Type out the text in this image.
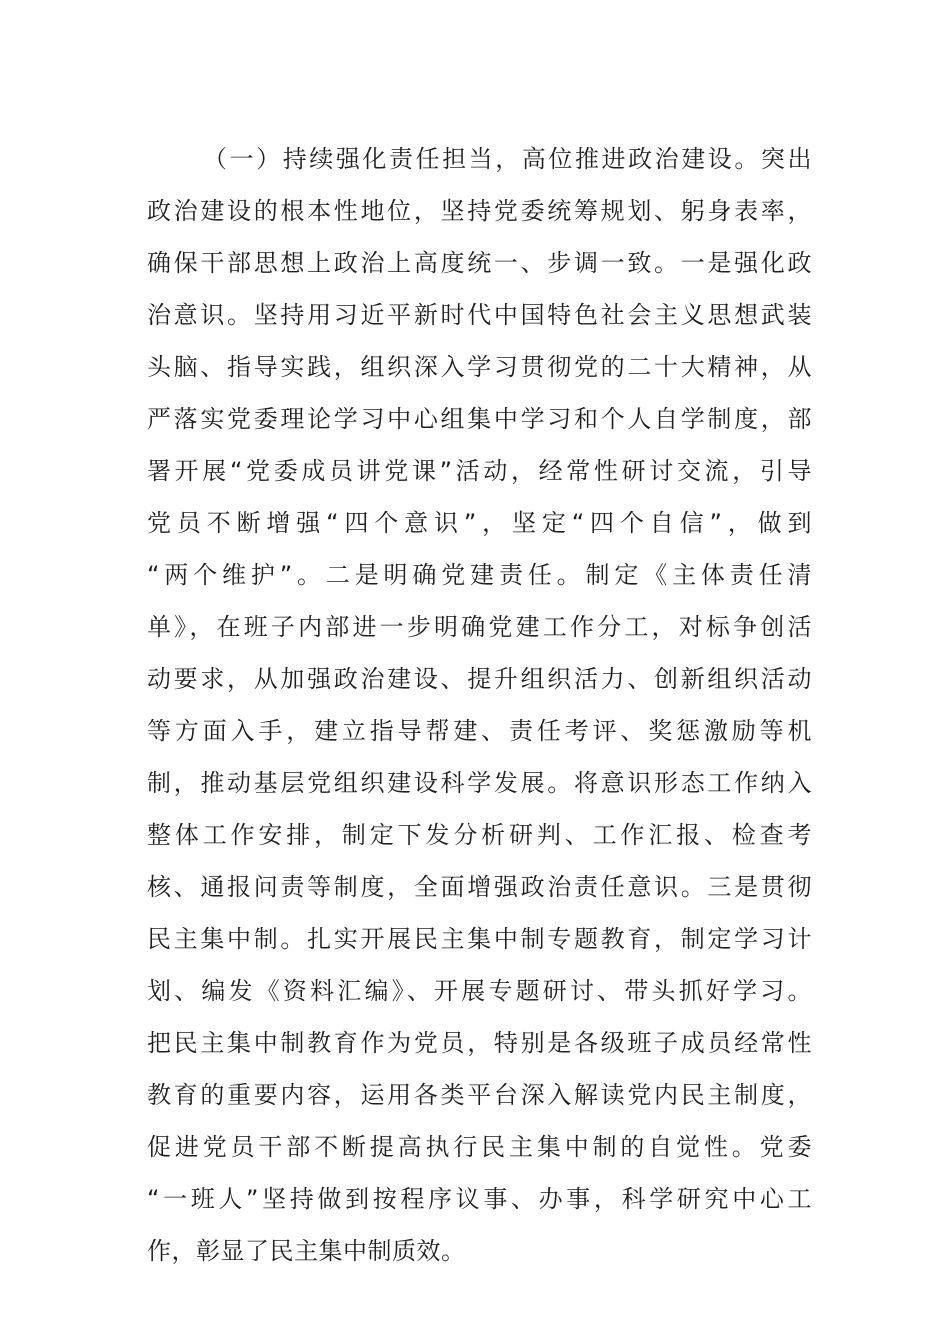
（一）持续强化责任担当，高位推进政治建设。突出
政治建设的根本性地位，坚持党委统筹规划、躬身表率，
确保干部思想上政治上高度统一、步调一致。一是强化政
治意识。坚持用习近平新时代中国特色社会主义思想武装
头脑、指导实践，组织深入学习贯彻党的二十大精神，从
严落实党委理论学习中心组集中学习和个人自学制度，部
署开展“党委成员讲党课”活动，经常性研讨交流，引导
党员不断增强“四个意识”，坚定“四个自信”，做到
“两个维护”。二是明确党建责任。制定《主体责任清
单》，在班子内部进一步明确党建工作分工，对标争创活
动要求，从加强政治建设、提升组织活力、创新组织活动
等方面入手，建立指导帮建、责任考评、奖惩激励等机
制，推动基层党组织建设科学发展。将意识形态工作纳入
整体工作安排，制定下发分析研判、工作汇报、检查考
核、通报问责等制度，全面增强政治责任意识。三是贯彻
民主集中制。扎实开展民主集中制专题教育，制定学习计
划、编发《资料汇编》、开展专题研讨、带头抓好学习。
把民主集中制教育作为党员，特别是各级班子成员经常性
教育的重要内容，运用各类平台深入解读党内民主制度，
促进党员干部不断提高执行民主集中制的自觉性。党委
“一班人”坚持做到按程序议事、办事，科学研究中心工
作，彰显了民主集中制质效。
